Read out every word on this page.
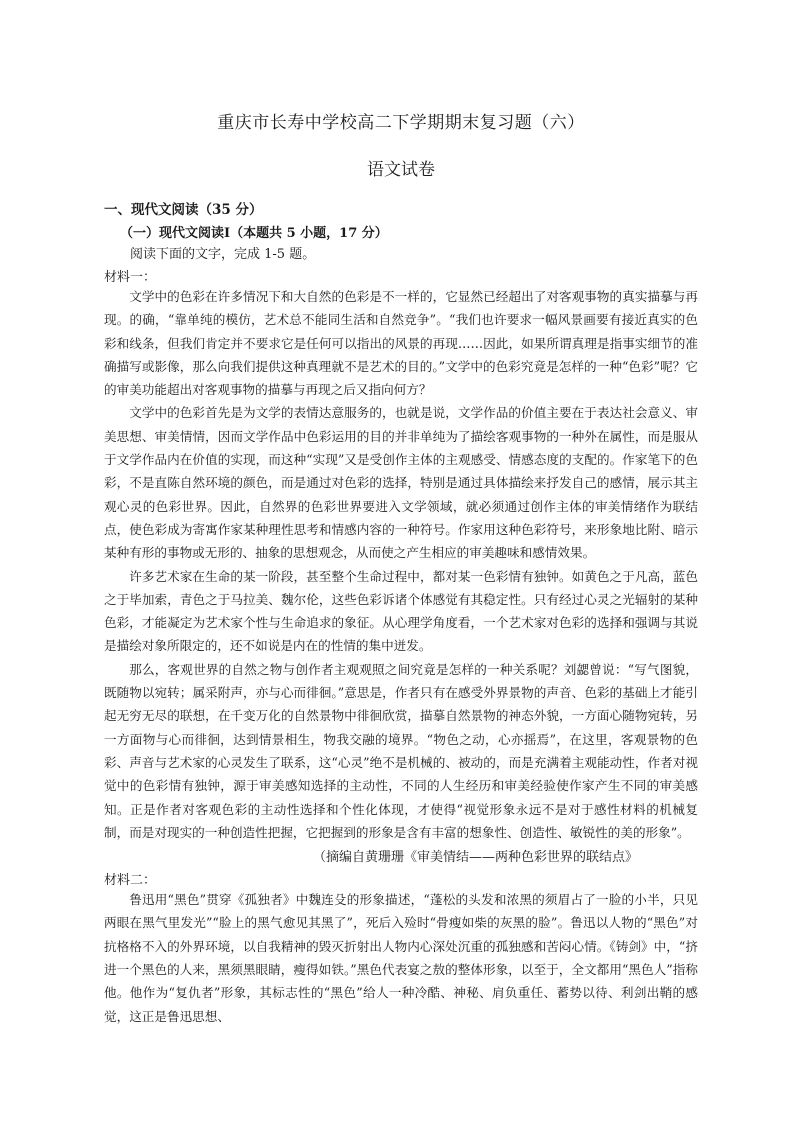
重庆市长寿中学校高二下学期期末复习题（六）
语文试卷
一、现代文阅读（35 分）
（一）现代文阅读Ⅰ（本题共 5 小题，17 分）
阅读下面的文字，完成 1-5 题。
材料一：

文学中的色彩在许多情况下和大自然的色彩是不一样的，它显然已经超出了对客观事物的真实描摹与再现。的确，“靠单纯的模仿，艺术总不能同生活和自然竞争”。“我们也许要求一幅风景画要有接近真实的色彩和线条，但我们肯定并不要求它是任何可以指出的风景的再现……因此，如果所谓真理是指事实细节的准确描写或影像，那么向我们提供这种真理就不是艺术的目的。”文学中的色彩究竟是怎样的一种“色彩”呢？它的审美功能超出对客观事物的描摹与再现之后又指向何方？

文学中的色彩首先是为文学的表情达意服务的，也就是说，文学作品的价值主要在于表达社会意义、审美思想、审美情情，因而文学作品中色彩运用的目的并非单纯为了描绘客观事物的一种外在属性，而是服从于文学作品内在价值的实现，而这种“实现”又是受创作主体的主观感受、情感态度的支配的。作家笔下的色彩，不是直陈自然环境的颜色，而是通过对色彩的选择，特别是通过具体描绘来抒发自己的感情，展示其主观心灵的色彩世界。因此，自然界的色彩世界要进入文学领域，就必须通过创作主体的审美情绪作为联结点，使色彩成为寄寓作家某种理性思考和情感内容的一种符号。作家用这种色彩符号，来形象地比附、暗示某种有形的事物或无形的、抽象的思想观念，从而使之产生相应的审美趣味和感情效果。

许多艺术家在生命的某一阶段，甚至整个生命过程中，都对某一色彩情有独钟。如黄色之于凡高，蓝色之于毕加索，青色之于马拉美、魏尔伦，这些色彩诉诸个体感觉有其稳定性。只有经过心灵之光辐射的某种色彩，才能凝定为艺术家个性与生命追求的象征。从心理学角度看，一个艺术家对色彩的选择和强调与其说是描绘对象所限定的，还不如说是内在的性情的集中迸发。

那么，客观世界的自然之物与创作者主观观照之间究竟是怎样的一种关系呢？刘勰曾说：“写气图貌，既随物以宛转；属采附声，亦与心而徘徊。”意思是，作者只有在感受外界景物的声音、色彩的基础上才能引起无穷无尽的联想，在千变万化的自然景物中徘徊欣赏，描摹自然景物的神态外貌，一方面心随物宛转，另一方面物与心而徘徊，达到情景相生，物我交融的境界。“物色之动，心亦摇焉”，在这里，客观景物的色彩、声音与艺术家的心灵发生了联系，这“心灵”绝不是机械的、被动的，而是充满着主观能动性，作者对视觉中的色彩情有独钟，源于审美感知选择的主动性，不同的人生经历和审美经验使作家产生不同的审美感知。正是作者对客观色彩的主动性选择和个性化体现，才使得“视觉形象永远不是对于感性材料的机械复制，而是对现实的一种创造性把握，它把握到的形象是含有丰富的想象性、创造性、敏锐性的美的形象”。

（摘编自黄珊珊《审美情结——两种色彩世界的联结点》
材料二：

鲁迅用“黑色”贯穿《孤独者》中魏连殳的形象描述，“蓬松的头发和浓黑的须眉占了一脸的小半，只见两眼在黑气里发光”“脸上的黑气愈见其黑了”，死后入殓时“骨瘦如柴的灰黑的脸”。鲁迅以人物的“黑色”对抗格格不入的外界环境，以自我精神的毁灭折射出人物内心深处沉重的孤独感和苦闷心情。《铸剑》中，“挤进一个黑色的人来，黑须黑眼睛，瘦得如铁。”黑色代表宴之敖的整体形象，以至于，全文都用“黑色人”指称他。他作为“复仇者”形象，其标志性的“黑色”给人一种冷酷、神秘、肩负重任、蓄势以待、利剑出鞘的感觉，这正是鲁迅思想、
